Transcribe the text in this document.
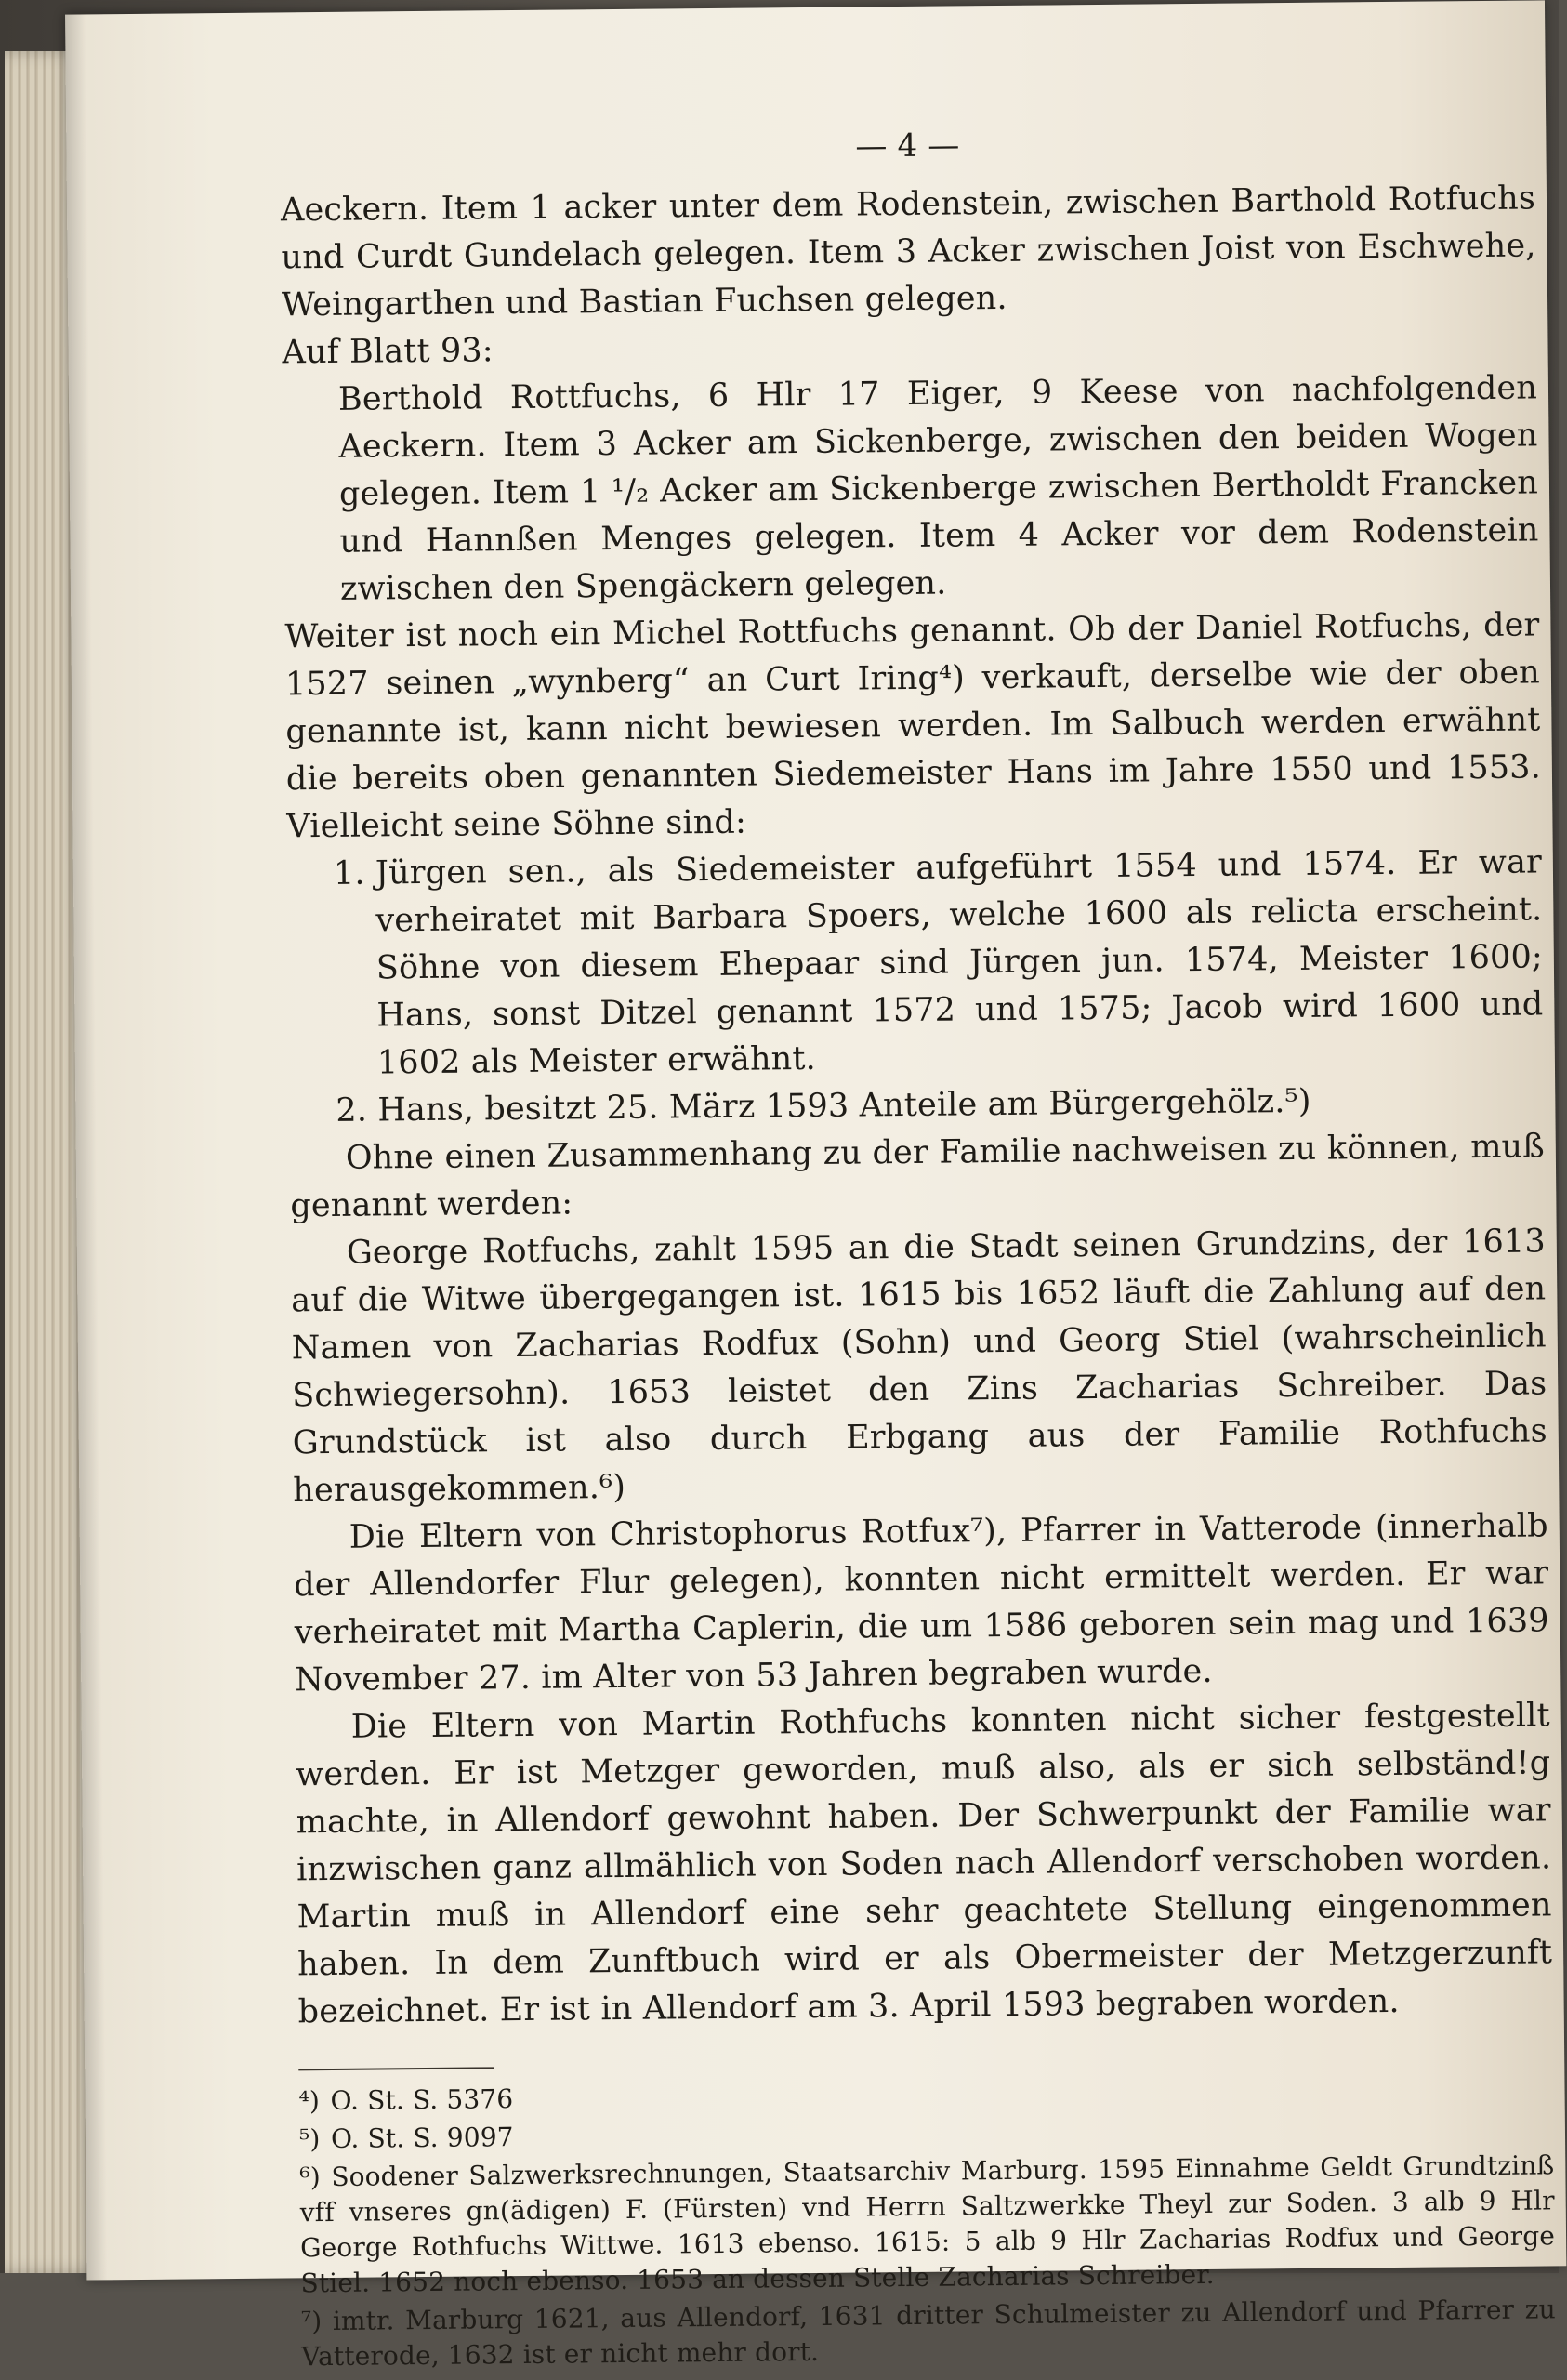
— 4 —

Aeckern. Item 1 acker unter dem Rodenstein, zwischen Barthold Rotfuchs und Curdt Gundelach gelegen. Item 3 Acker zwischen Joist von Eschwehe, Weingarthen und Bastian Fuchsen gelegen.

Auf Blatt 93:

Berthold Rottfuchs, 6 Hlr 17 Eiger, 9 Keese von nachfolgenden Aeckern. Item 3 Acker am Sickenberge, zwischen den beiden Wogen gelegen. Item 1 ¹/₂ Acker am Sickenberge zwischen Bertholdt Francken und Hannßen Menges gelegen. Item 4 Acker vor dem Rodenstein zwischen den Spengäckern gelegen.

Weiter ist noch ein Michel Rottfuchs genannt. Ob der Daniel Rotfuchs, der 1527 seinen „wynberg“ an Curt Iring⁴) verkauft, derselbe wie der oben genannte ist, kann nicht bewiesen werden. Im Salbuch werden erwähnt die bereits oben genannten Siedemeister Hans im Jahre 1550 und 1553. Vielleicht seine Söhne sind:

1. Jürgen sen., als Siedemeister aufgeführt 1554 und 1574. Er war verheiratet mit Barbara Spoers, welche 1600 als relicta erscheint. Söhne von diesem Ehepaar sind Jürgen jun. 1574, Meister 1600; Hans, sonst Ditzel genannt 1572 und 1575; Jacob wird 1600 und 1602 als Meister erwähnt.
2. Hans, besitzt 25. März 1593 Anteile am Bürgergehölz.⁵)

Ohne einen Zusammenhang zu der Familie nachweisen zu können, muß genannt werden:

George Rotfuchs, zahlt 1595 an die Stadt seinen Grundzins, der 1613 auf die Witwe übergegangen ist. 1615 bis 1652 läuft die Zahlung auf den Namen von Zacharias Rodfux (Sohn) und Georg Stiel (wahrscheinlich Schwiegersohn). 1653 leistet den Zins Zacharias Schreiber. Das Grundstück ist also durch Erbgang aus der Familie Rothfuchs herausgekommen.⁶)

Die Eltern von Christophorus Rotfux⁷), Pfarrer in Vatterode (innerhalb der Allendorfer Flur gelegen), konnten nicht ermittelt werden. Er war verheiratet mit Martha Caplerin, die um 1586 geboren sein mag und 1639 November 27. im Alter von 53 Jahren begraben wurde.

Die Eltern von Martin Rothfuchs konnten nicht sicher festgestellt werden. Er ist Metzger geworden, muß also, als er sich selbständ!g machte, in Allendorf gewohnt haben. Der Schwerpunkt der Familie war inzwischen ganz allmählich von Soden nach Allendorf verschoben worden. Martin muß in Allendorf eine sehr geachtete Stellung eingenommen haben. In dem Zunftbuch wird er als Obermeister der Metzgerzunft bezeichnet. Er ist in Allendorf am 3. April 1593 begraben worden.

⁴) O. St. S. 5376

⁵) O. St. S. 9097

⁶) Soodener Salzwerksrechnungen, Staatsarchiv Marburg. 1595 Einnahme Geldt Grundtzinß vff vnseres gn(ädigen) F. (Fürsten) vnd Herrn Saltzwerkke Theyl zur Soden. 3 alb 9 Hlr George Rothfuchs Wittwe. 1613 ebenso. 1615: 5 alb 9 Hlr Zacharias Rodfux und George Stiel. 1652 noch ebenso. 1653 an dessen Stelle Zacharias Schreiber.

⁷) imtr. Marburg 1621, aus Allendorf, 1631 dritter Schulmeister zu Allendorf und Pfarrer zu Vatterode, 1632 ist er nicht mehr dort.
